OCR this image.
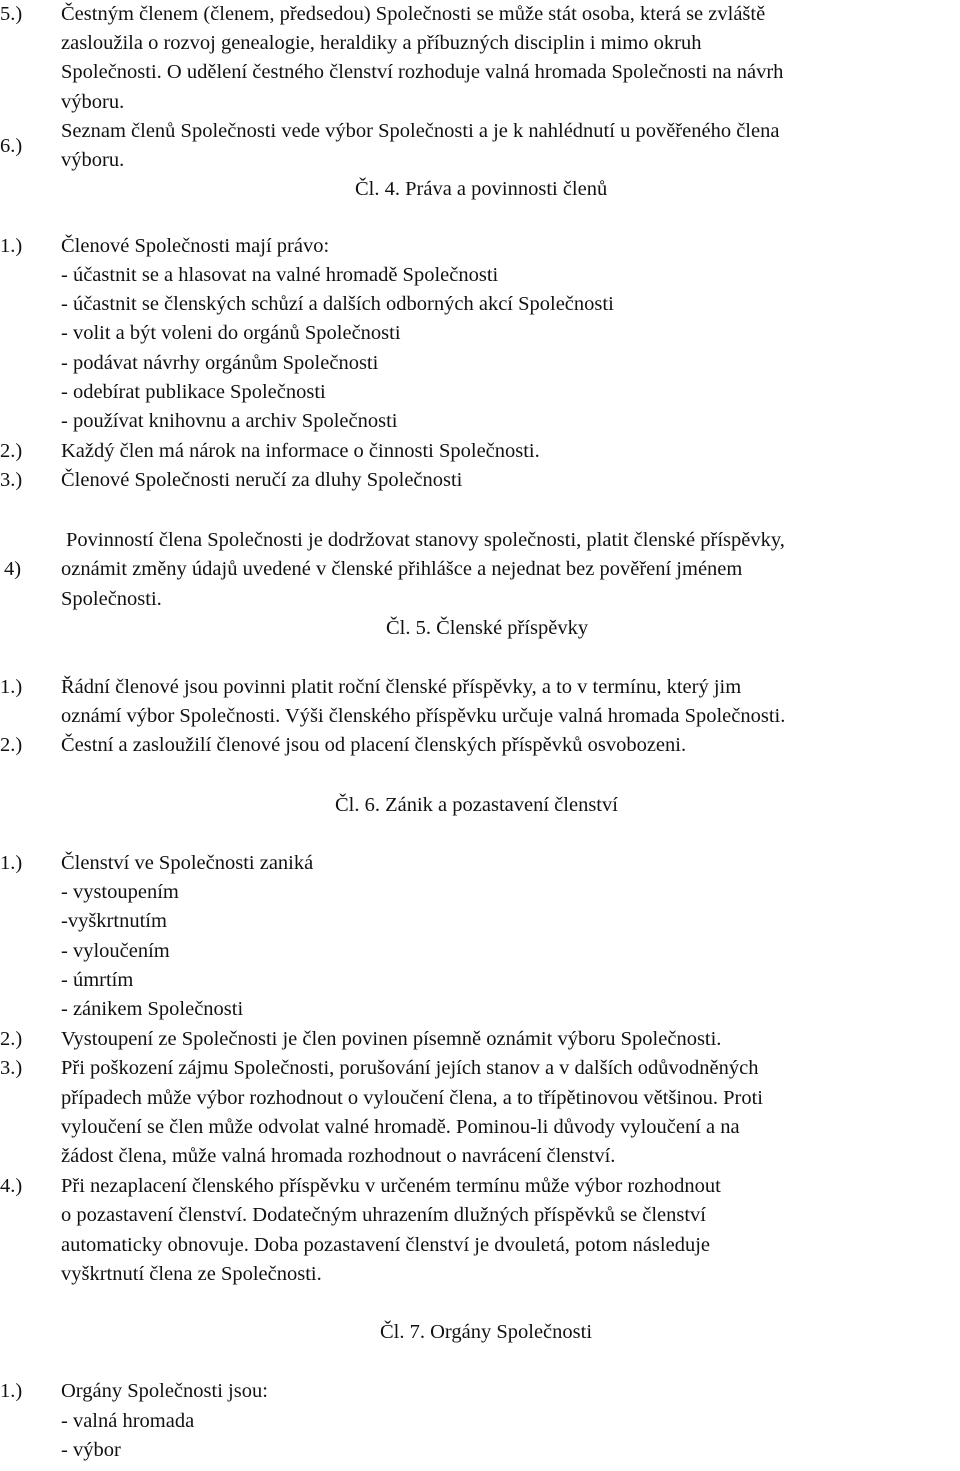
5.) Čestným členem (členem, předsedou) Společnosti se může stát osoba, která se zvláště
zasloužila o rozvoj genealogie, heraldiky a příbuzných disciplin i mimo okruh
Společnosti. O udělení čestného členství rozhoduje valná hromada Společnosti na návrh
výboru.
6.)
Seznam členů Společnosti vede výbor Společnosti a je k nahlédnutí u pověřeného člena
výboru.
Čl. 4. Práva a povinnosti členů
1.) Členové Společnosti mají právo:
- účastnit se a hlasovat na valné hromadě Společnosti
- účastnit se členských schůzí a dalších odborných akcí Společnosti
- volit a být voleni do orgánů Společnosti
- podávat návrhy orgánům Společnosti
- odebírat publikace Společnosti
- používat knihovnu a archiv Společnosti
2.) Každý člen má nárok na informace o činnosti Společnosti.
3.) Členové Společnosti neručí za dluhy Společnosti
4)
Povinností člena Společnosti je dodržovat stanovy společnosti, platit členské příspěvky,
oznámit změny údajů uvedené v členské přihlášce a nejednat bez pověření jménem
Společnosti.
Čl. 5. Členské příspěvky
1.) Řádní členové jsou povinni platit roční členské příspěvky, a to v termínu, který jim
oznámí výbor Společnosti. Výši členského příspěvku určuje valná hromada Společnosti.
2.) Čestní a zasloužilí členové jsou od placení členských příspěvků osvobozeni.
Čl. 6. Zánik a pozastavení členství
1.) Členství ve Společnosti zaniká
- vystoupením
-vyškrtnutím
- vyloučením
- úmrtím
- zánikem Společnosti
2.) Vystoupení ze Společnosti je člen povinen písemně oznámit výboru Společnosti.
3.) Při poškození zájmu Společnosti, porušování jejích stanov a v dalších odůvodněných
případech může výbor rozhodnout o vyloučení člena, a to třípětinovou většinou. Proti
vyloučení se člen může odvolat valné hromadě. Pominou-li důvody vyloučení a na
žádost člena, může valná hromada rozhodnout o navrácení členství.
4.) Při nezaplacení členského příspěvku v určeném termínu může výbor rozhodnout
o pozastavení členství. Dodatečným uhrazením dlužných příspěvků se členství
automaticky obnovuje. Doba pozastavení členství je dvouletá, potom následuje
vyškrtnutí člena ze Společnosti.
Čl. 7. Orgány Společnosti
1.) Orgány Společnosti jsou:
- valná hromada
- výbor
